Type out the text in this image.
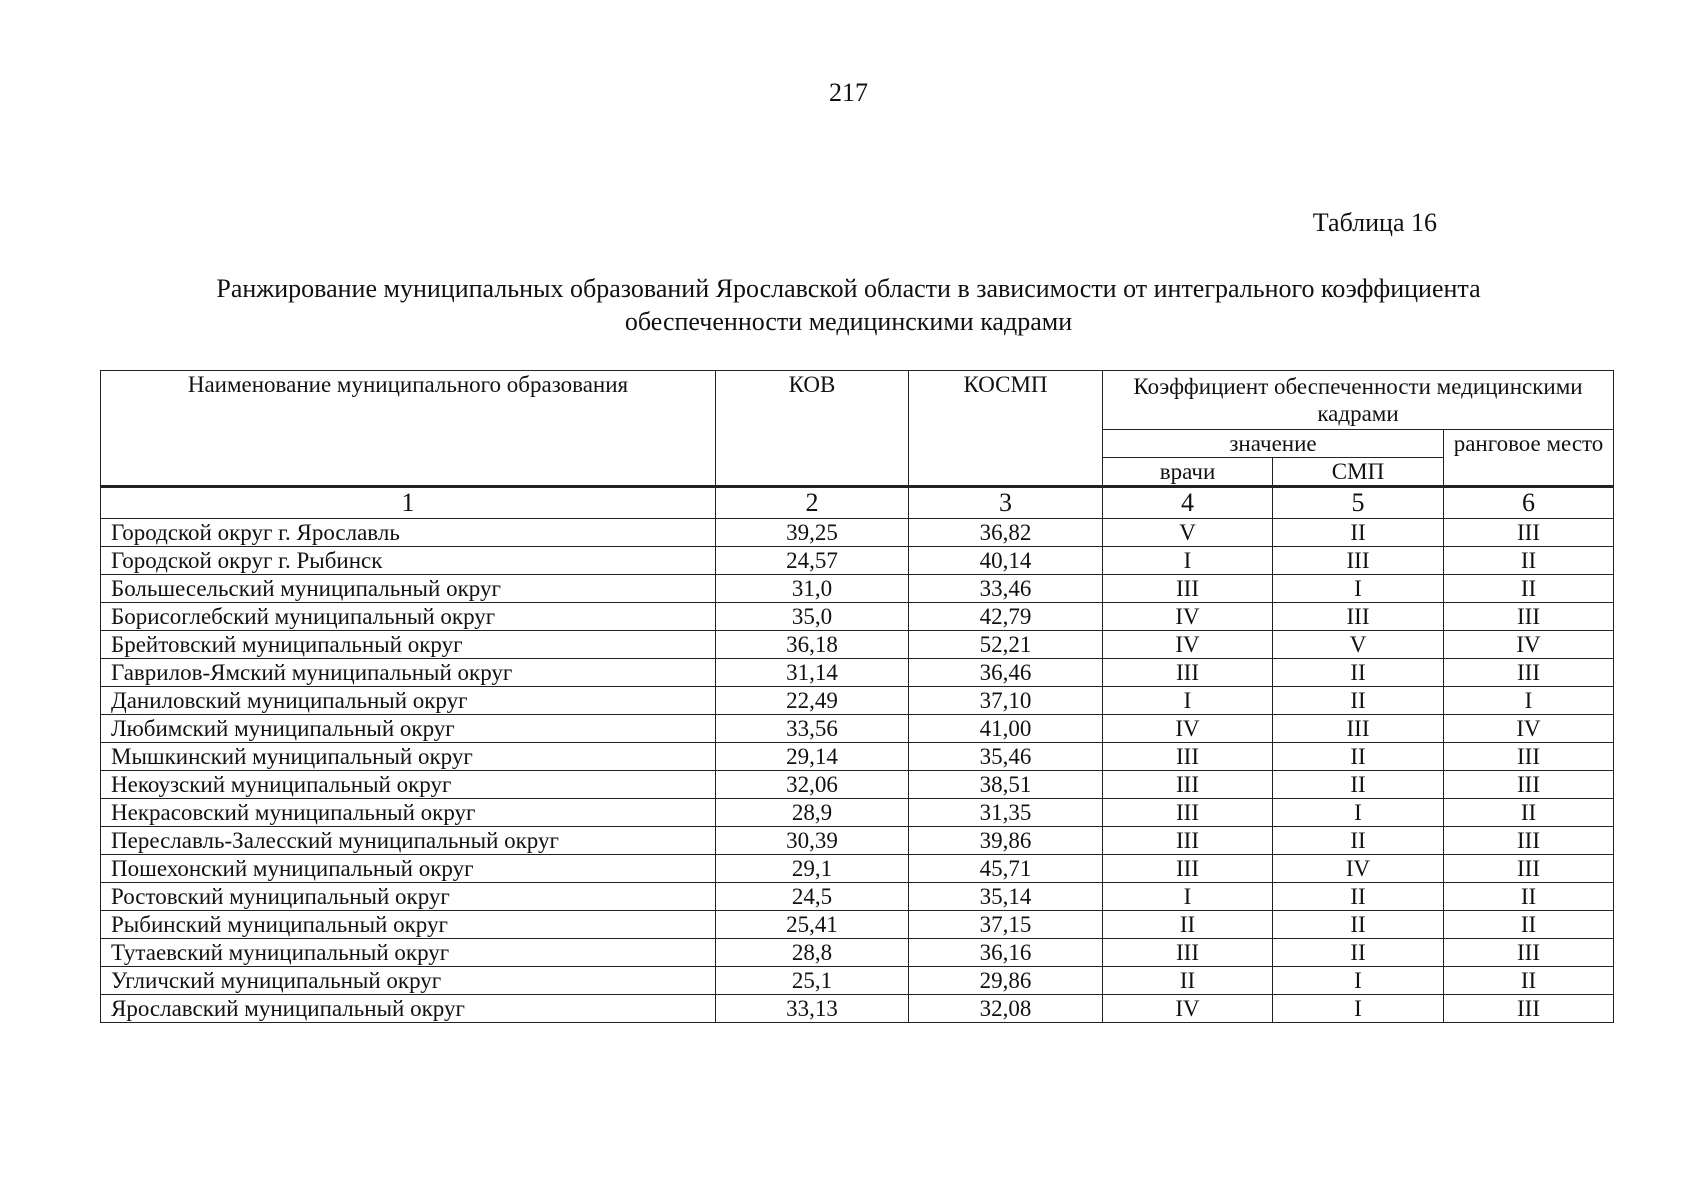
217
Таблица 16
Ранжирование муниципальных образований Ярославской области в зависимости от интегрального коэффициента
обеспеченности медицинскими кадрами
Наименование муниципального образования	КОВ	КОСМП	Коэффициент обеспеченности медицинскими кадрами		
			значение		ранговое место
			врачи	СМП	
1	2	3	4	5	6
Городской округ г. Ярославль	39,25	36,82	V	II	III
Городской округ г. Рыбинск	24,57	40,14	I	III	II
Большесельский муниципальный округ	31,0	33,46	III	I	II
Борисоглебский муниципальный округ	35,0	42,79	IV	III	III
Брейтовский муниципальный округ	36,18	52,21	IV	V	IV
Гаврилов-Ямский муниципальный округ	31,14	36,46	III	II	III
Даниловский муниципальный округ	22,49	37,10	I	II	I
Любимский муниципальный округ	33,56	41,00	IV	III	IV
Мышкинский муниципальный округ	29,14	35,46	III	II	III
Некоузский муниципальный округ	32,06	38,51	III	II	III
Некрасовский муниципальный округ	28,9	31,35	III	I	II
Переславль-Залесский муниципальный округ	30,39	39,86	III	II	III
Пошехонский муниципальный округ	29,1	45,71	III	IV	III
Ростовский муниципальный округ	24,5	35,14	I	II	II
Рыбинский муниципальный округ	25,41	37,15	II	II	II
Тутаевский муниципальный округ	28,8	36,16	III	II	III
Угличский муниципальный округ	25,1	29,86	II	I	II
Ярославский муниципальный округ	33,13	32,08	IV	I	III
